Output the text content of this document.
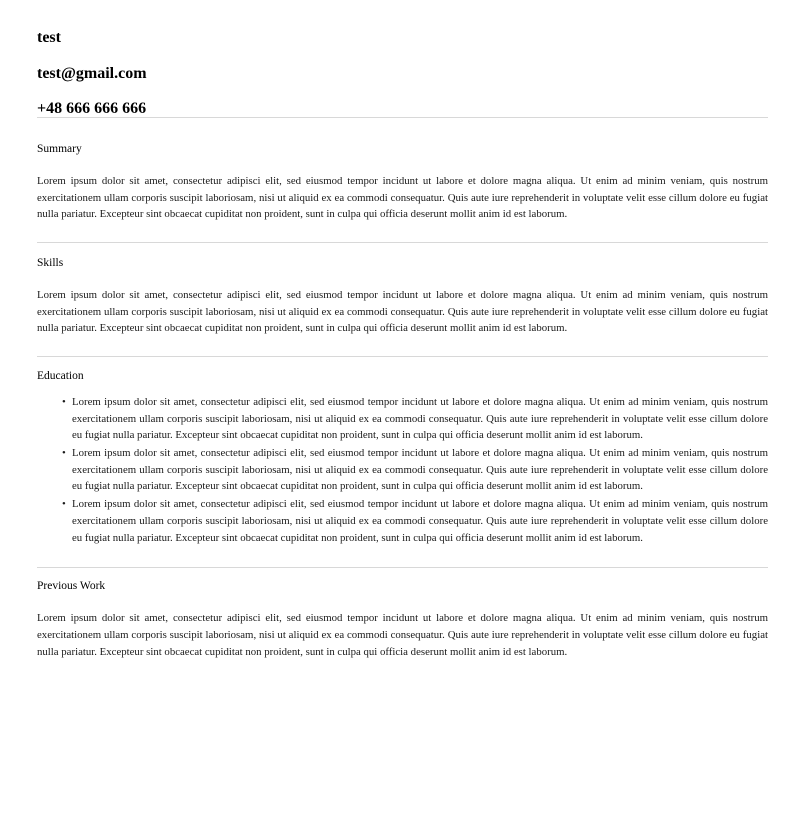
test
test@gmail.com
+48 666 666 666
Summary

Lorem ipsum dolor sit amet, consectetur adipisci elit, sed eiusmod tempor incidunt ut labore et dolore magna aliqua. Ut enim ad minim veniam, quis nostrum exercitationem ullam corporis suscipit laboriosam, nisi ut aliquid ex ea commodi consequatur. Quis aute iure reprehenderit in voluptate velit esse cillum dolore eu fugiat nulla pariatur. Excepteur sint obcaecat cupiditat non proident, sunt in culpa qui officia deserunt mollit anim id est laborum.

Skills

Lorem ipsum dolor sit amet, consectetur adipisci elit, sed eiusmod tempor incidunt ut labore et dolore magna aliqua. Ut enim ad minim veniam, quis nostrum exercitationem ullam corporis suscipit laboriosam, nisi ut aliquid ex ea commodi consequatur. Quis aute iure reprehenderit in voluptate velit esse cillum dolore eu fugiat nulla pariatur. Excepteur sint obcaecat cupiditat non proident, sunt in culpa qui officia deserunt mollit anim id est laborum.

Education
• Lorem ipsum dolor sit amet, consectetur adipisci elit, sed eiusmod tempor incidunt ut labore et dolore magna aliqua. Ut enim ad minim veniam, quis nostrum exercitationem ullam corporis suscipit laboriosam, nisi ut aliquid ex ea commodi consequatur. Quis aute iure reprehenderit in voluptate velit esse cillum dolore eu fugiat nulla pariatur. Excepteur sint obcaecat cupiditat non proident, sunt in culpa qui officia deserunt mollit anim id est laborum.
• Lorem ipsum dolor sit amet, consectetur adipisci elit, sed eiusmod tempor incidunt ut labore et dolore magna aliqua. Ut enim ad minim veniam, quis nostrum exercitationem ullam corporis suscipit laboriosam, nisi ut aliquid ex ea commodi consequatur. Quis aute iure reprehenderit in voluptate velit esse cillum dolore eu fugiat nulla pariatur. Excepteur sint obcaecat cupiditat non proident, sunt in culpa qui officia deserunt mollit anim id est laborum.
• Lorem ipsum dolor sit amet, consectetur adipisci elit, sed eiusmod tempor incidunt ut labore et dolore magna aliqua. Ut enim ad minim veniam, quis nostrum exercitationem ullam corporis suscipit laboriosam, nisi ut aliquid ex ea commodi consequatur. Quis aute iure reprehenderit in voluptate velit esse cillum dolore eu fugiat nulla pariatur. Excepteur sint obcaecat cupiditat non proident, sunt in culpa qui officia deserunt mollit anim id est laborum.
Previous Work

Lorem ipsum dolor sit amet, consectetur adipisci elit, sed eiusmod tempor incidunt ut labore et dolore magna aliqua. Ut enim ad minim veniam, quis nostrum exercitationem ullam corporis suscipit laboriosam, nisi ut aliquid ex ea commodi consequatur. Quis aute iure reprehenderit in voluptate velit esse cillum dolore eu fugiat nulla pariatur. Excepteur sint obcaecat cupiditat non proident, sunt in culpa qui officia deserunt mollit anim id est laborum.
